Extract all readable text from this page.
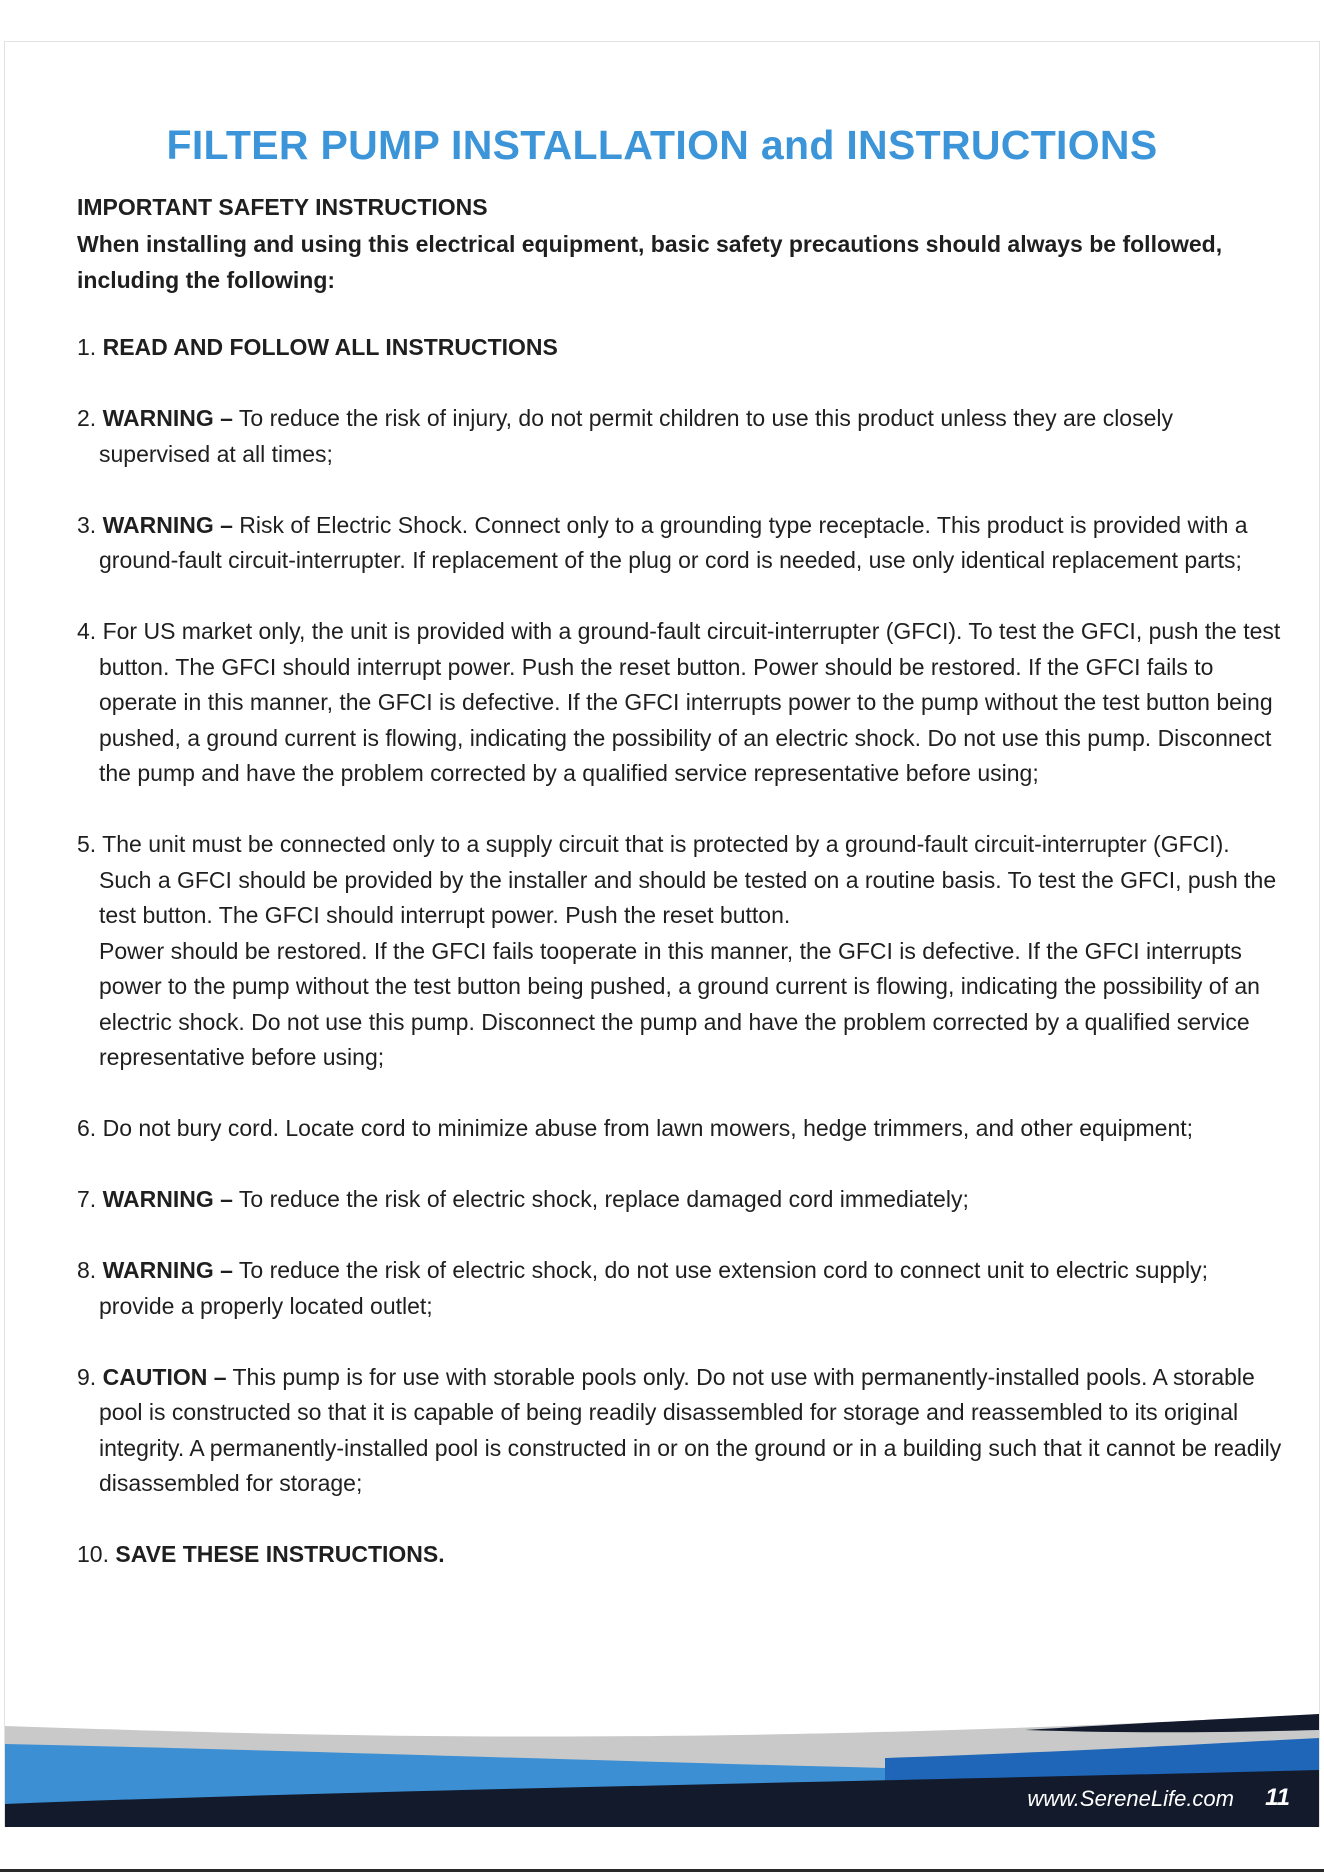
FILTER PUMP INSTALLATION and INSTRUCTIONS
IMPORTANT SAFETY INSTRUCTIONS
When installing and using this electrical equipment, basic safety precautions should always be followed, including the following:
1. READ AND FOLLOW ALL INSTRUCTIONS
2. WARNING – To reduce the risk of injury, do not permit children to use this product unless they are closely supervised at all times;
3. WARNING – Risk of Electric Shock. Connect only to a grounding type receptacle. This product is provided with a ground-fault circuit-interrupter. If replacement of the plug or cord is needed, use only identical replacement parts;
4. For US market only, the unit is provided with a ground-fault circuit-interrupter (GFCI). To test the GFCI, push the test button. The GFCI should interrupt power. Push the reset button. Power should be restored. If the GFCI fails to operate in this manner, the GFCI is defective. If the GFCI interrupts power to the pump without the test button being pushed, a ground current is flowing, indicating the possibility of an electric shock. Do not use this pump. Disconnect the pump and have the problem corrected by a qualified service representative before using;
5. The unit must be connected only to a supply circuit that is protected by a ground-fault circuit-interrupter (GFCI). Such a GFCI should be provided by the installer and should be tested on a routine basis. To test the GFCI, push the test button. The GFCI should interrupt power. Push the reset button.
Power should be restored. If the GFCI fails tooperate in this manner, the GFCI is defective. If the GFCI interrupts power to the pump without the test button being pushed, a ground current is flowing, indicating the possibility of an electric shock. Do not use this pump. Disconnect the pump and have the problem corrected by a qualified service representative before using;
6. Do not bury cord. Locate cord to minimize abuse from lawn mowers, hedge trimmers, and other equipment;
7. WARNING – To reduce the risk of electric shock, replace damaged cord immediately;
8. WARNING – To reduce the risk of electric shock, do not use extension cord to connect unit to electric supply; provide a properly located outlet;
9. CAUTION – This pump is for use with storable pools only. Do not use with permanently-installed pools. A storable pool is constructed so that it is capable of being readily disassembled for storage and reassembled to its original integrity. A permanently-installed pool is constructed in or on the ground or in a building such that it cannot be readily disassembled for storage;
10. SAVE THESE INSTRUCTIONS.
www.SereneLife.com 11
